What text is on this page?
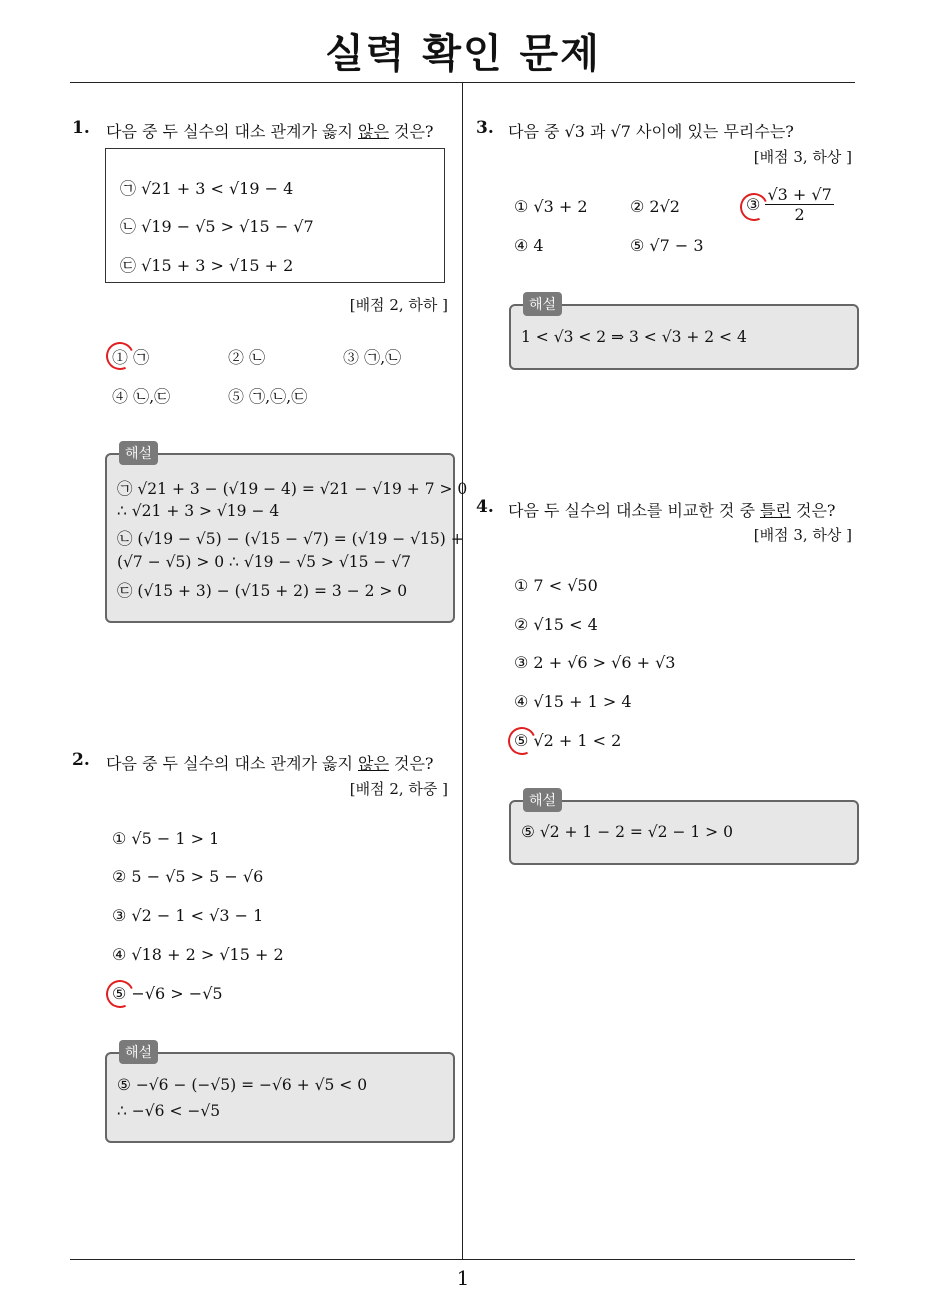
실력 확인 문제
1
1. 다음 중 두 실수의 대소 관계가 옳지 않은 것은?
㉠ √21 + 3 < √19 − 4
㉡ √19 − √5 > √15 − √7
㉢ √15 + 3 > √15 + 2
[배점 2, 하하 ]
① ㉠	② ㉡	③ ㉠,㉡
④ ㉡,㉢	⑤ ㉠,㉡,㉢
해설
㉠ √21 + 3 − (√19 − 4) = √21 − √19 + 7 > 0
∴ √21 + 3 > √19 − 4
㉡ (√19 − √5) − (√15 − √7) = (√19 − √15) +
(√7 − √5) > 0 ∴ √19 − √5 > √15 − √7
㉢ (√15 + 3) − (√15 + 2) = 3 − 2 > 0
2. 다음 중 두 실수의 대소 관계가 옳지 않은 것은?
[배점 2, 하중 ]
① √5 − 1 > 1
② 5 − √5 > 5 − √6
③ √2 − 1 < √3 − 1
④ √18 + 2 > √15 + 2
⑤ −√6 > −√5
해설
⑤ −√6 − (−√5) = −√6 + √5 < 0
∴ −√6 < −√5
3. 다음 중 √3 과 √7 사이에 있는 무리수는?
[배점 3, 하상 ]
① √3 + 2	② 2√2	③ $\frac{√3 + √7}{2}$
④ 4	⑤ √7 − 3
해설
1 < √3 < 2 ⇒ 3 < √3 + 2 < 4
4. 다음 두 실수의 대소를 비교한 것 중 틀린 것은?
[배점 3, 하상 ]
① 7 < √50
② √15 < 4
③ 2 + √6 > √6 + √3
④ √15 + 1 > 4
⑤ √2 + 1 < 2
해설
⑤ √2 + 1 − 2 = √2 − 1 > 0
